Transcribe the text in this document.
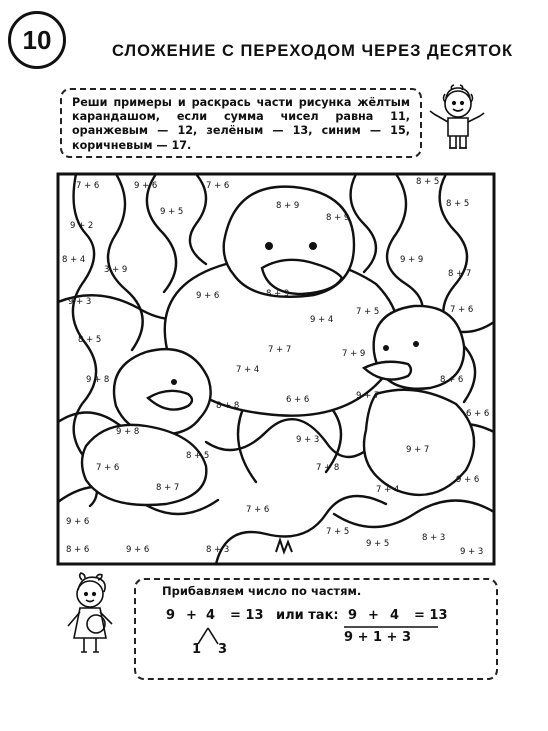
10	СЛОЖЕНИЕ С ПЕРЕХОДОМ ЧЕРЕЗ ДЕСЯТОК

Реши примеры и раскрась части рисунка жёлтым карандашом, если сумма чисел равна 11, оранжевым — 12, зелёным — 13, синим — 15, коричневым — 17.

7 + 6	9 + 6	7 + 6	8 + 5
8 + 9	8 + 5
9 + 2
8 + 9
8 + 4
9 + 5
3 + 9
9 + 3
9 + 6	8 + 9
9 + 4
7 + 5
8 + 7
9 + 9
7 + 6
8 + 5
7 + 4
9 + 8
8 + 8
6 + 6
7 + 9
9 + 7
9 + 3
8 + 6
9 + 8
6 + 6
7 + 7
8 + 5
7 + 8
9 + 7
7 + 4
8 + 7
9 + 6
7 + 6
9 + 6
7 + 6
9 + 6	8 + 3
7 + 5
9 + 5
8 + 3
9 + 3
8 + 6
Прибавляем число по частям.
9 + 4 = 13 или так: 9 + 4 = 13
9 + 1 + 3
1 3
